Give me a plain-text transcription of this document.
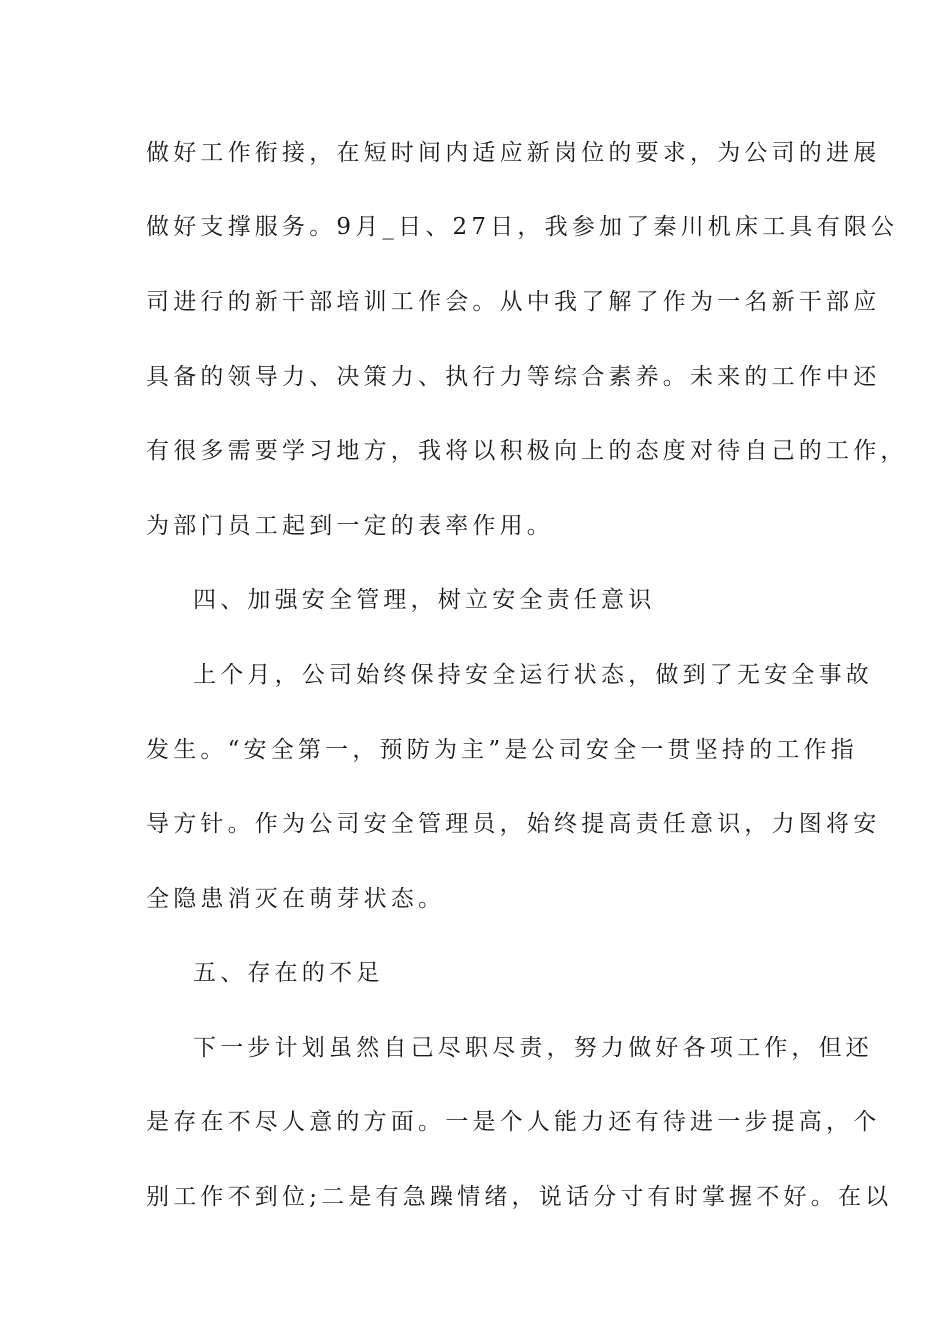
做好工作衔接，在短时间内适应新岗位的要求，为公司的进展
做好支撑服务。9月_日、27日，我参加了秦川机床工具有限公
司进行的新干部培训工作会。从中我了解了作为一名新干部应
具备的领导力、决策力、执行力等综合素养。未来的工作中还
有很多需要学习地方，我将以积极向上的态度对待自己的工作，
为部门员工起到一定的表率作用。
四、加强安全管理，树立安全责任意识
上个月，公司始终保持安全运行状态，做到了无安全事故
发生。“安全第一，预防为主”是公司安全一贯坚持的工作指
导方针。作为公司安全管理员，始终提高责任意识，力图将安
全隐患消灭在萌芽状态。
五、存在的不足
下一步计划虽然自己尽职尽责，努力做好各项工作，但还
是存在不尽人意的方面。一是个人能力还有待进一步提高，个
别工作不到位;二是有急躁情绪，说话分寸有时掌握不好。在以
